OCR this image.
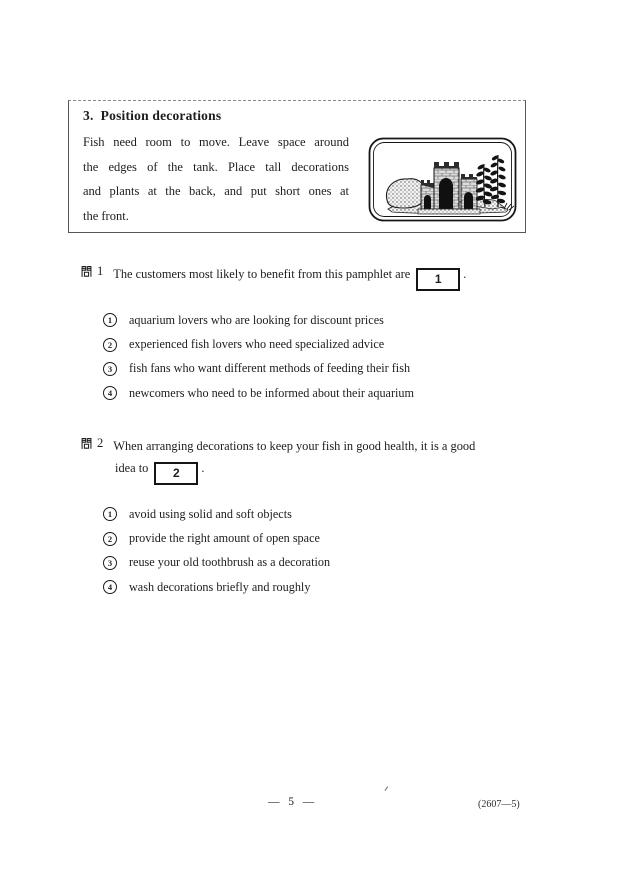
3.  Position decorations
Fish need room to move. Leave space around
the edges of the tank. Place tall decorations
and plants at the back, and put short ones at
the front.
1 The customers most likely to benefit from this pamphlet are 1 .
1	aquarium lovers who are looking for discount prices
2	experienced fish lovers who need specialized advice
3	fish fans who want different methods of feeding their fish
4	newcomers who need to be informed about their aquarium
2 When arranging decorations to keep your fish in good health, it is a good
idea to 2 .
1	avoid using solid and soft objects
2	provide the right amount of open space
3	reuse your old toothbrush as a decoration
4	wash decorations briefly and roughly
—  5  —	(2607—5)
